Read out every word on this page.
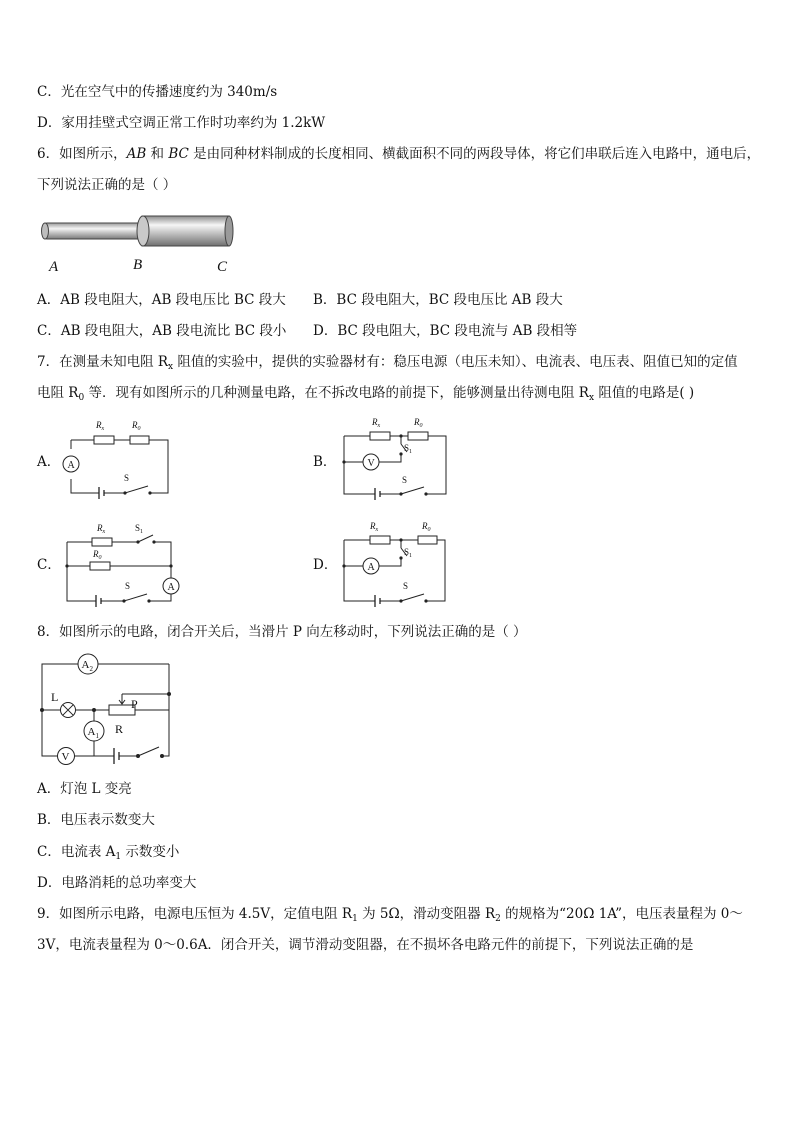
C．光在空气中的传播速度约为 340m/s
D．家用挂壁式空调正常工作时功率约为 1.2kW
6．如图所示，AB 和 BC 是由同种材料制成的长度相同、横截面积不同的两段导体，将它们串联后连入电路中，通电后，
下列说法正确的是（ ）
A	B	C
A．AB 段电阻大，AB 段电压比 BC 段大 B．BC 段电阻大，BC 段电压比 AB 段大
C．AB 段电阻大，AB 段电流比 BC 段小 D．BC 段电阻大，BC 段电流与 AB 段相等
7．在测量未知电阻 $R_x$ 阻值的实验中，提供的实验器材有：稳压电源（电压未知）、电流表、电压表、阻值已知的定值
电阻 $R_0$ 等．现有如图所示的几种测量电路，在不拆改电路的前提下，能够测量出待测电阻 $R_x$ 阻值的电路是( )
A． A
$R_x$	$R_0$
S
B．	V
$R_x$	$R_0$
$S_1$
S
C．
A
$R_x$	$S_1$
$R_0$
S
D．	A
$R_x$	$R_0$
$S_1$
S
8．如图所示的电路，闭合开关后，当滑片 P 向左移动时，下列说法正确的是（ ）
$A_2$
$A_1$
V
L	P
R
A．灯泡 L 变亮
B．电压表示数变大
C．电流表 $A_1$ 示数变小
D．电路消耗的总功率变大
9．如图所示电路，电源电压恒为 4.5V，定值电阻 $R_1$ 为 5Ω，滑动变阻器 $R_2$ 的规格为“20Ω 1A”，电压表量程为 0～
3V，电流表量程为 0～0.6A．闭合开关，调节滑动变阻器，在不损坏各电路元件的前提下，下列说法正确的是
